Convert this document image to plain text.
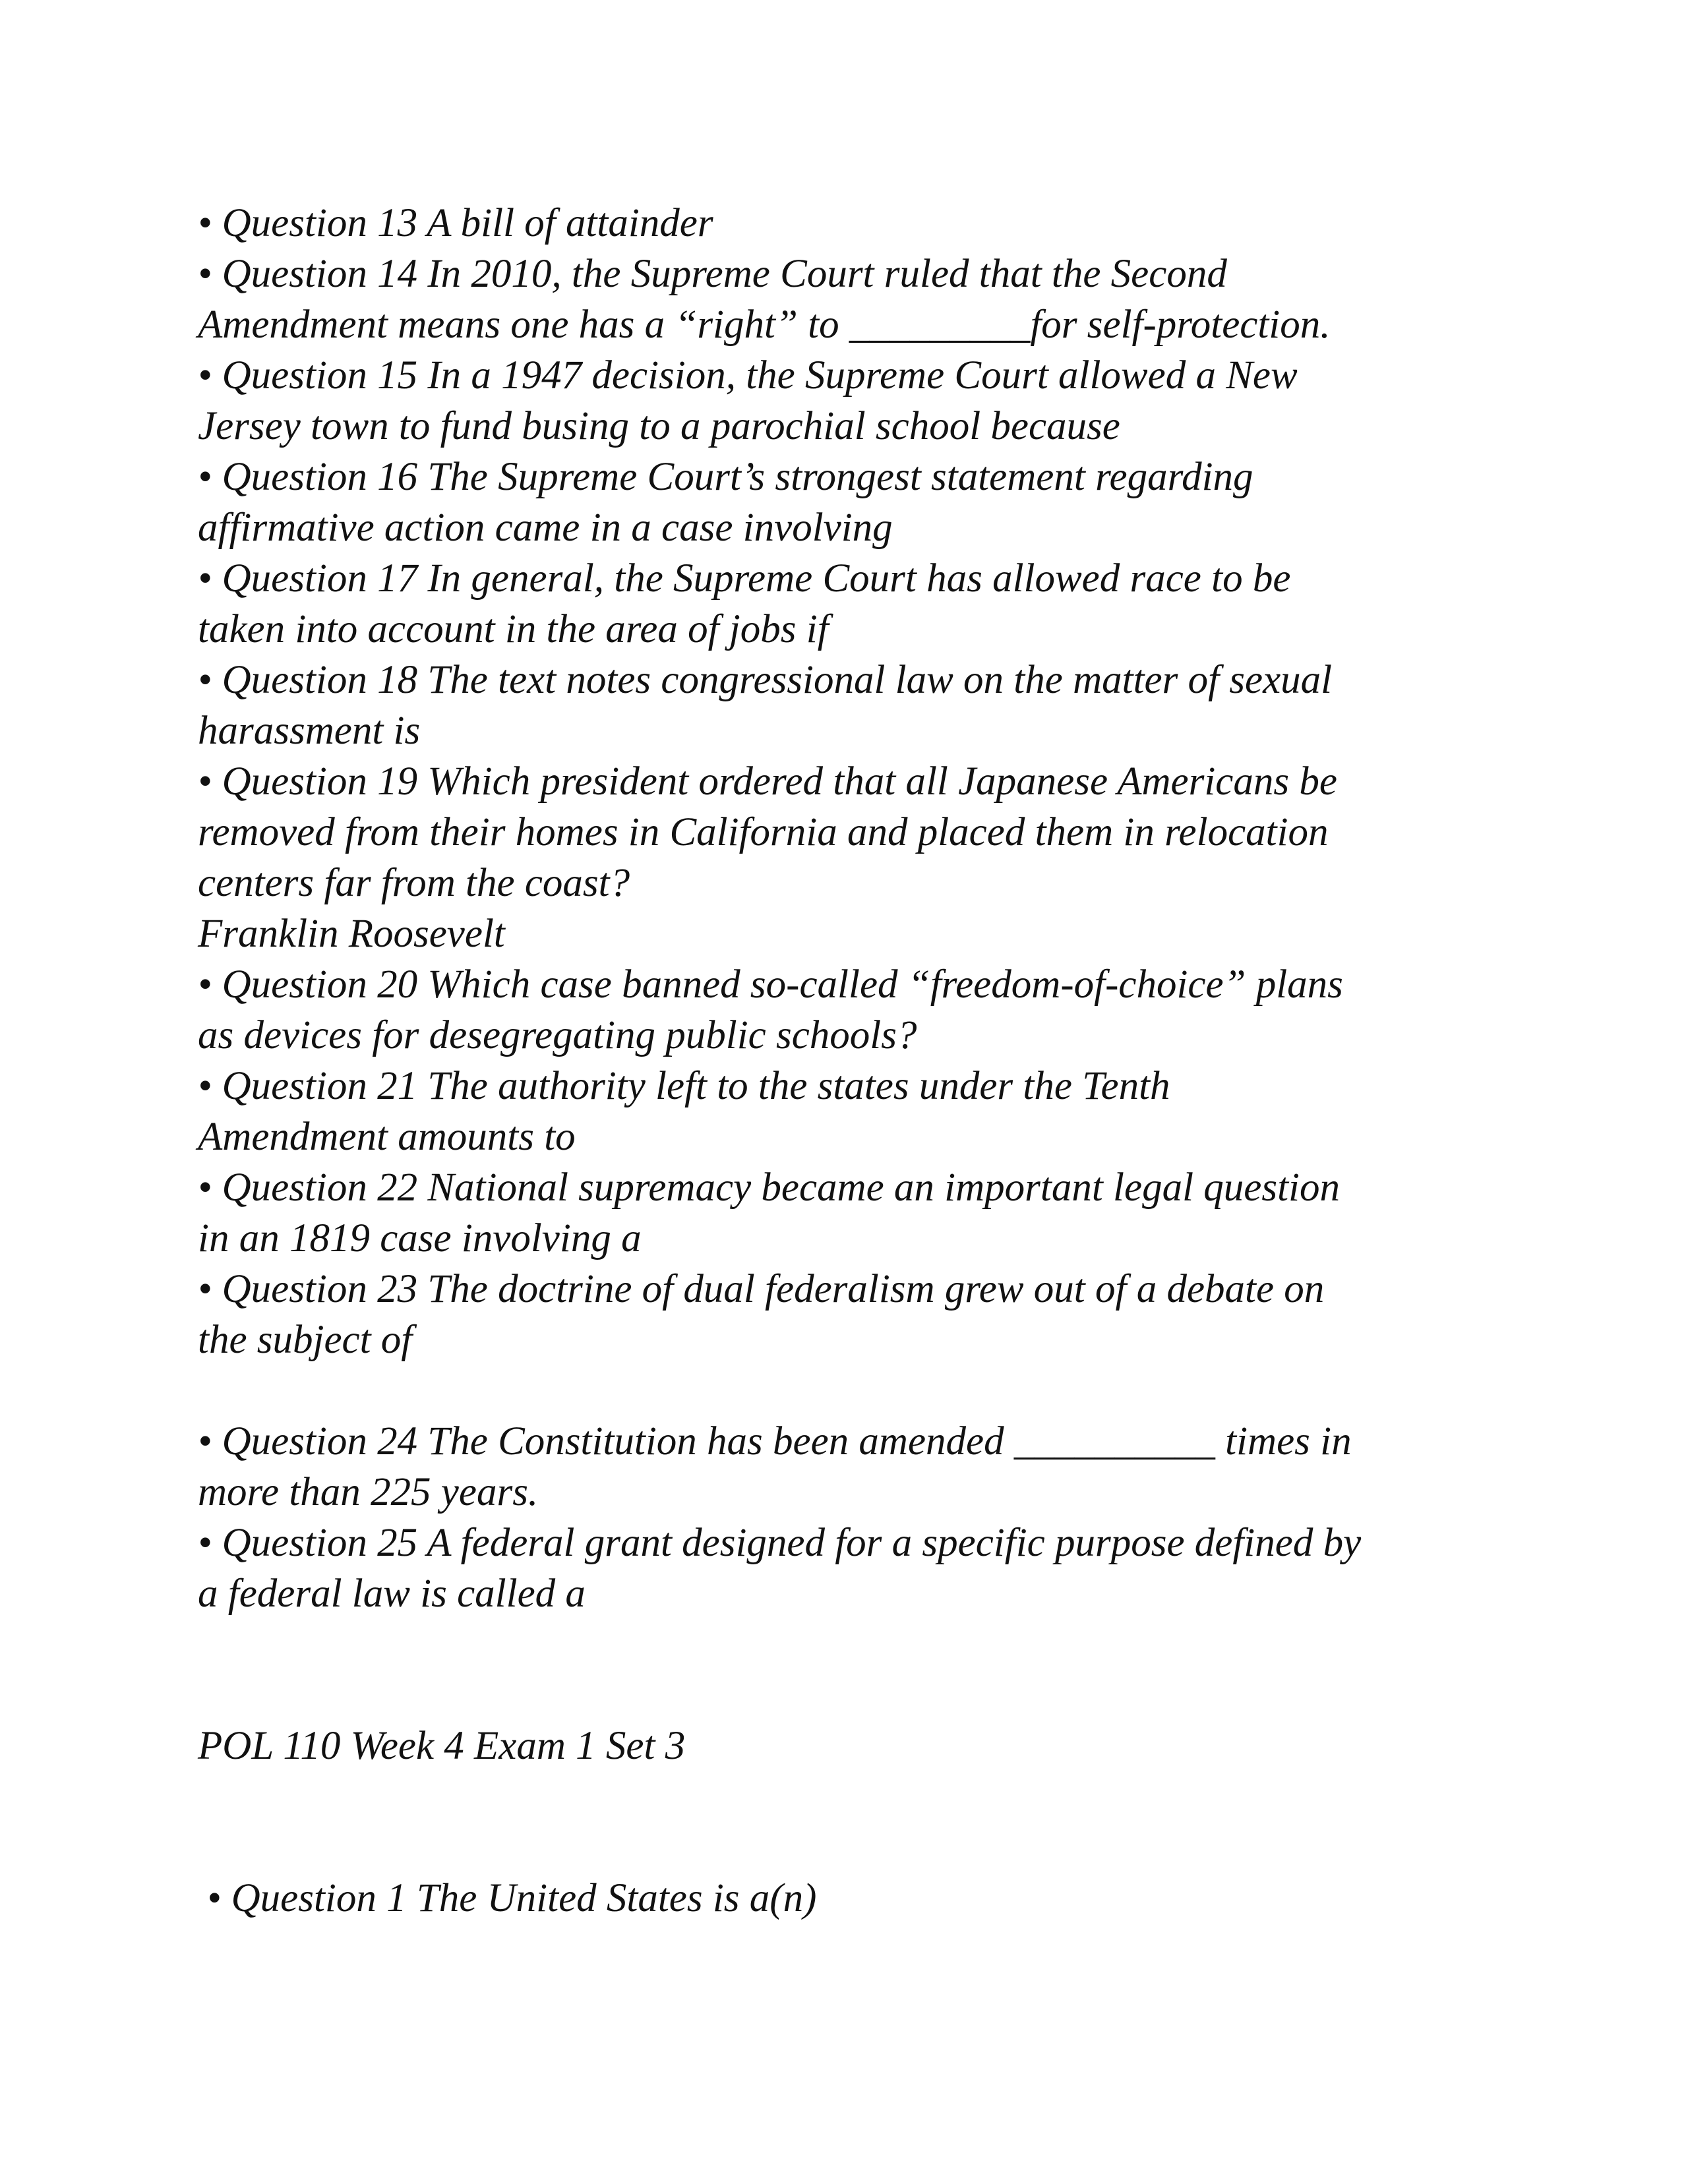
• Question 13 A bill of attainder
• Question 14 In 2010, the Supreme Court ruled that the Second
Amendment means one has a “right” to _________for self-protection.
• Question 15 In a 1947 decision, the Supreme Court allowed a New
Jersey town to fund busing to a parochial school because
• Question 16 The Supreme Court’s strongest statement regarding
affirmative action came in a case involving
• Question 17 In general, the Supreme Court has allowed race to be
taken into account in the area of jobs if
• Question 18 The text notes congressional law on the matter of sexual
harassment is
• Question 19 Which president ordered that all Japanese Americans be
removed from their homes in California and placed them in relocation
centers far from the coast?
Franklin Roosevelt
• Question 20 Which case banned so-called “freedom-of-choice” plans
as devices for desegregating public schools?
• Question 21 The authority left to the states under the Tenth
Amendment amounts to
• Question 22 National supremacy became an important legal question
in an 1819 case involving a
• Question 23 The doctrine of dual federalism grew out of a debate on
the subject of
• Question 24 The Constitution has been amended __________ times in
more than 225 years.
• Question 25 A federal grant designed for a specific purpose defined by
a federal law is called a
POL 110 Week 4 Exam 1 Set 3
• Question 1 The United States is a(n)
